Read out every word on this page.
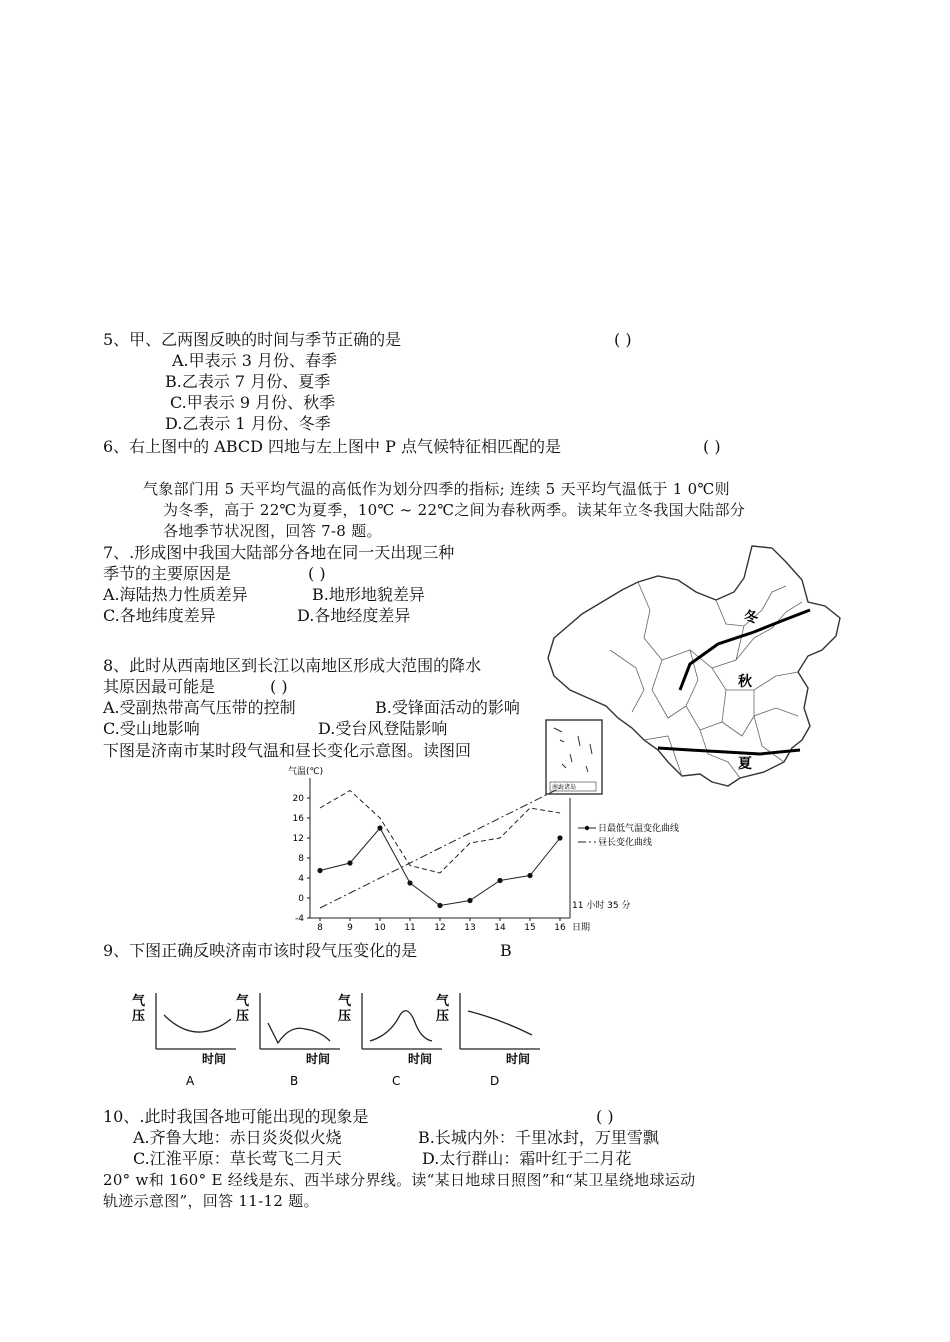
5、甲、乙两图反映的时间与季节正确的是	( )
A.甲表示 3 月份、春季
B.乙表示 7 月份、夏季
C.甲表示 9 月份、秋季
D.乙表示 1 月份、冬季
6、右上图中的 ABCD 四地与左上图中 P 点气候特征相匹配的是	( )
气象部门用 5 天平均气温的高低作为划分四季的指标; 连续 5 天平均气温低于 1 0℃则
为冬季，高于 22℃为夏季，10℃ ~ 22℃之间为春秋两季。读某年立冬我国大陆部分
各地季节状况图，回答 7-8 题。
7、.形成图中我国大陆部分各地在同一天出现三种
季节的主要原因是	( )
A.海陆热力性质差异	B.地形地貌差异
C.各地纬度差异	D.各地经度差异
8、此时从西南地区到长江以南地区形成大范围的降水
其原因最可能是	( )
A.受副热带高气压带的控制	B.受锋面活动的影响
C.受山地影响	D.受台风登陆影响
下图是济南市某时段气温和昼长变化示意图。读图回
冬
秋
夏
南海诸岛
-4
0
4
8
12
16
20
8	9 10 11 12 13 14 15 16
气温(℃)
日期
日最低气温变化曲线
昼长变化曲线
11 小时 35 分
9、下图正确反映济南市该时段气压变化的是	B
气
压
时间
A
气
压
时间
B
气
压
时间
C
气
压
时间
D
10、.此时我国各地可能出现的现象是	( )
A.齐鲁大地：赤日炎炎似火烧	B.长城内外：千里冰封，万里雪飘
C.江淮平原：草长莺飞二月天	D.太行群山：霜叶红于二月花
20° w和 160° E 经线是东、西半球分界线。读“某日地球日照图”和“某卫星绕地球运动
轨迹示意图”，回答 11-12 题。
